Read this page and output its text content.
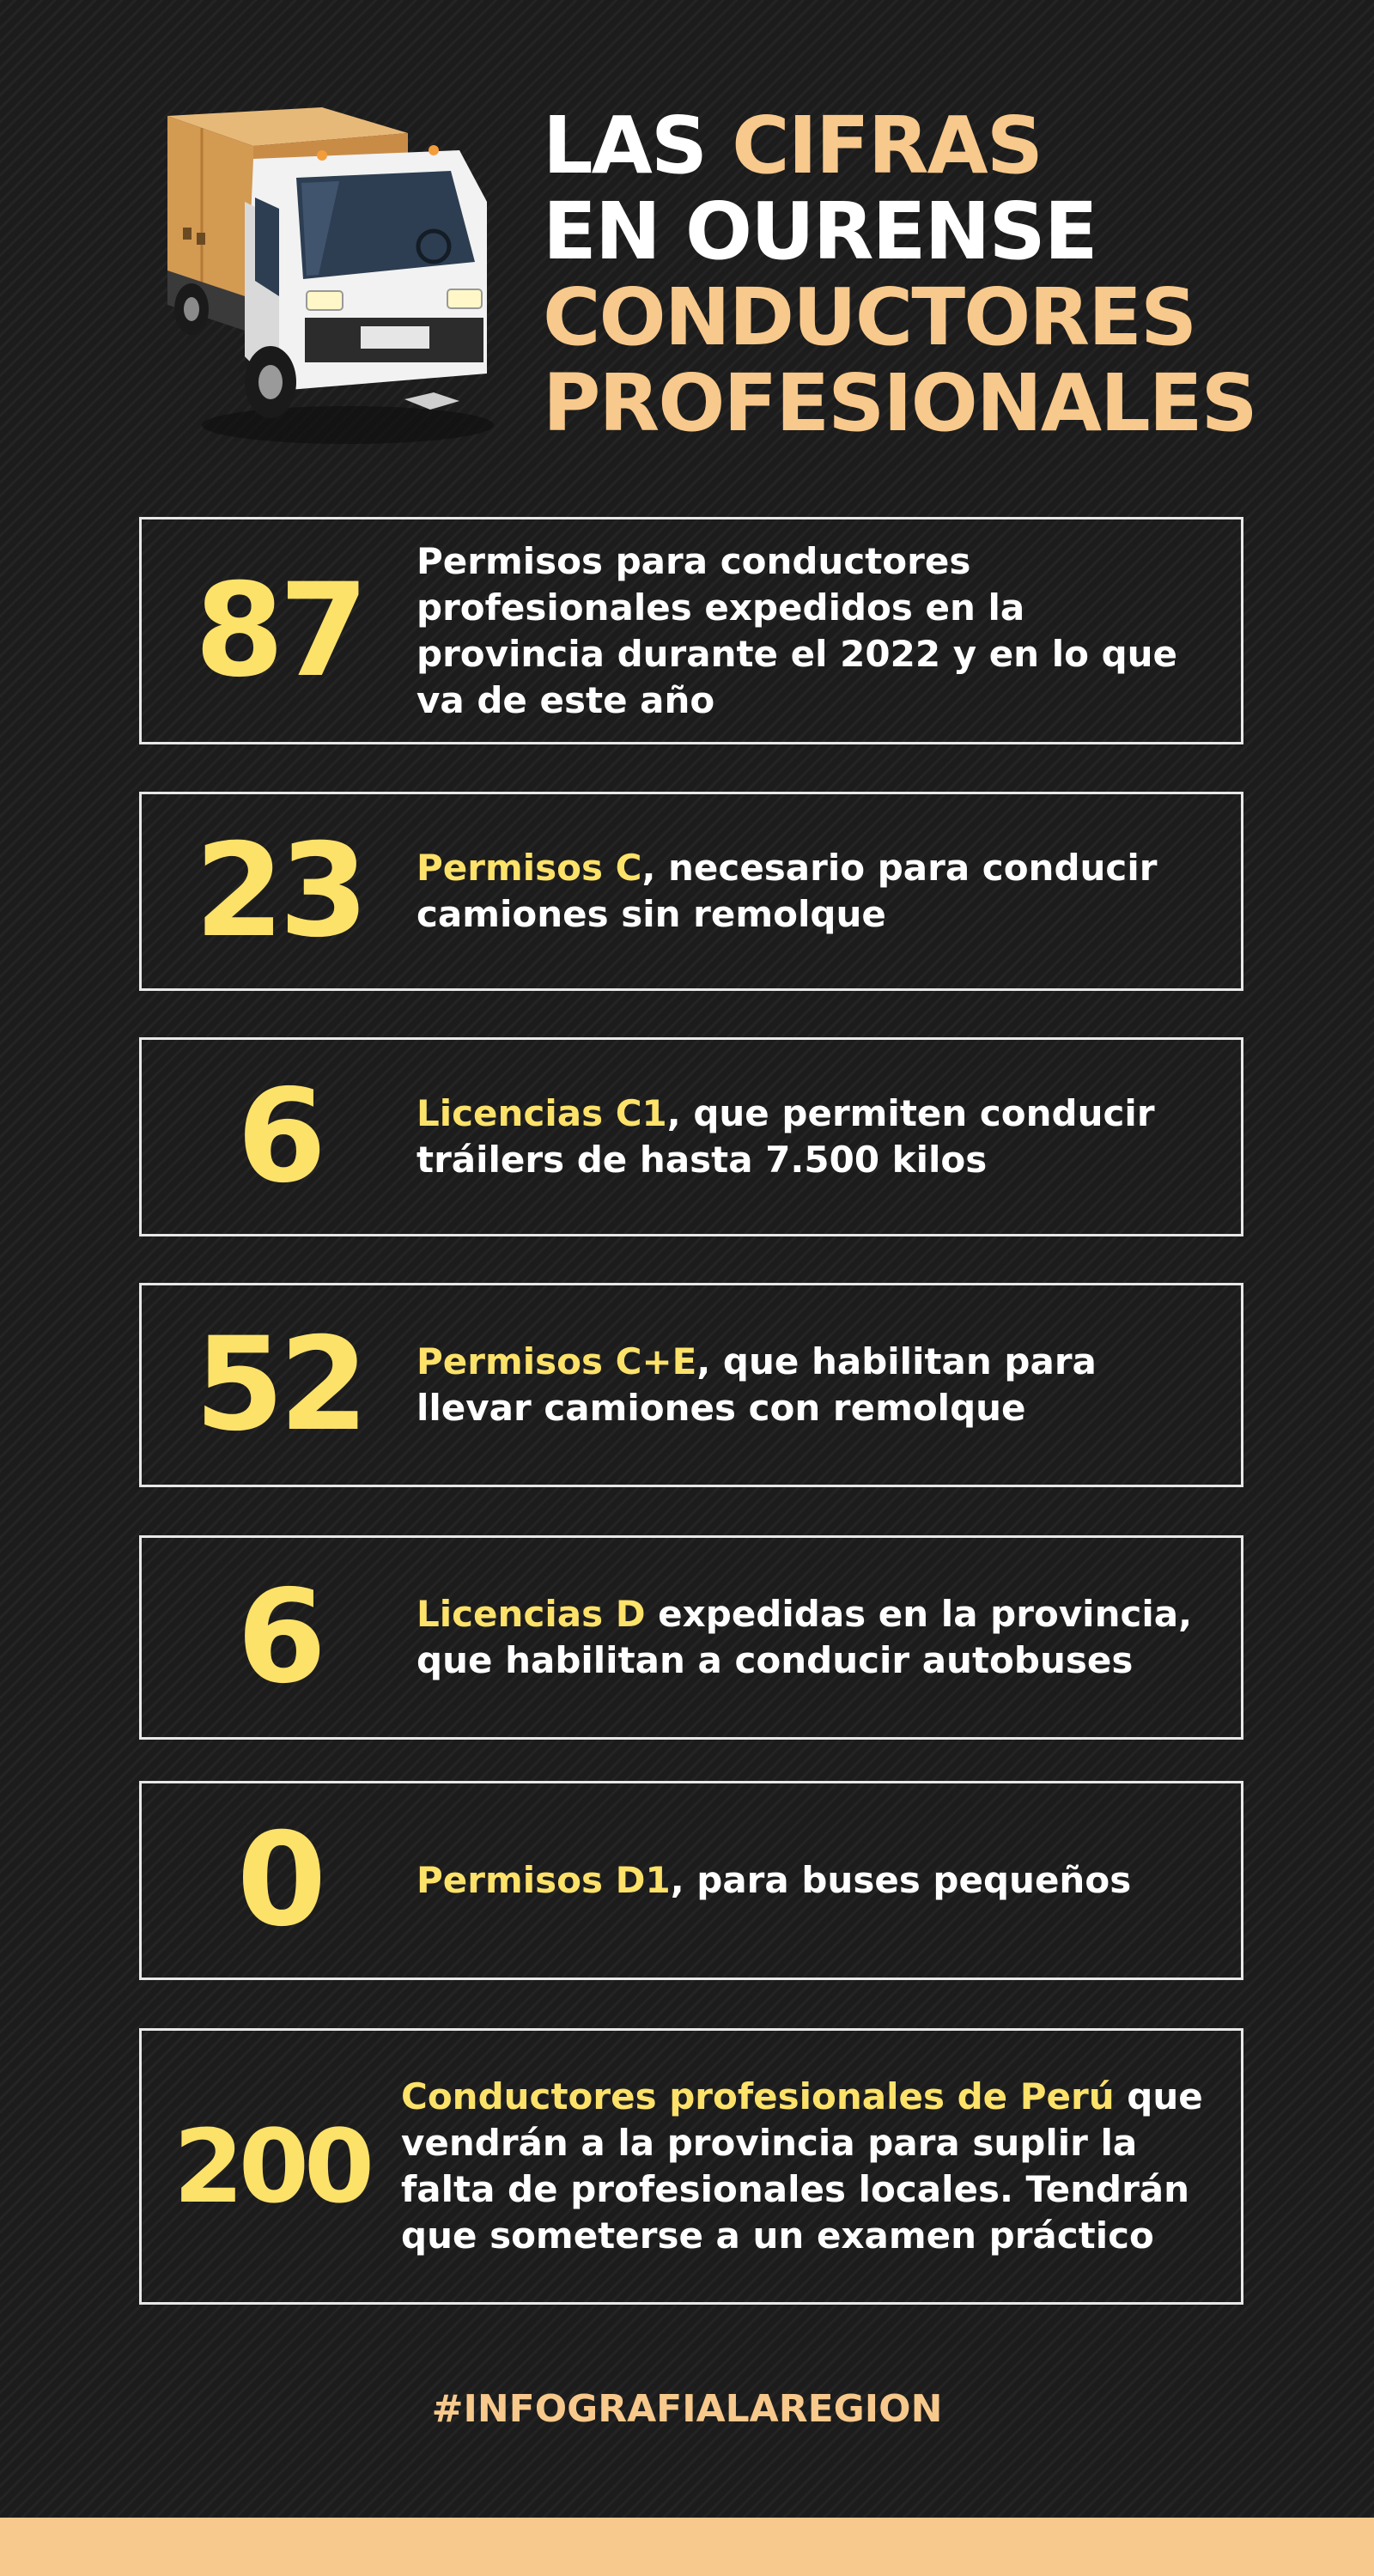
LAS CIFRAS
EN OURENSE
CONDUCTORES
PROFESIONALES
87	Permisos para conductores profesionales expedidos en la provincia durante el 2022 y en lo que va de este año
23	Permisos C, necesario para conducir camiones sin remolque
6	Licencias C1, que permiten conducir tráilers de hasta 7.500 kilos
52	Permisos C+E, que habilitan para llevar camiones con remolque
6	Licencias D expedidas en la provincia, que habilitan a conducir autobuses
0	Permisos D1, para buses pequeños
200
Conductores profesionales de Perú que vendrán a la provincia para suplir la falta de profesionales locales. Tendrán que someterse a un examen práctico
#INFOGRAFIALAREGION
